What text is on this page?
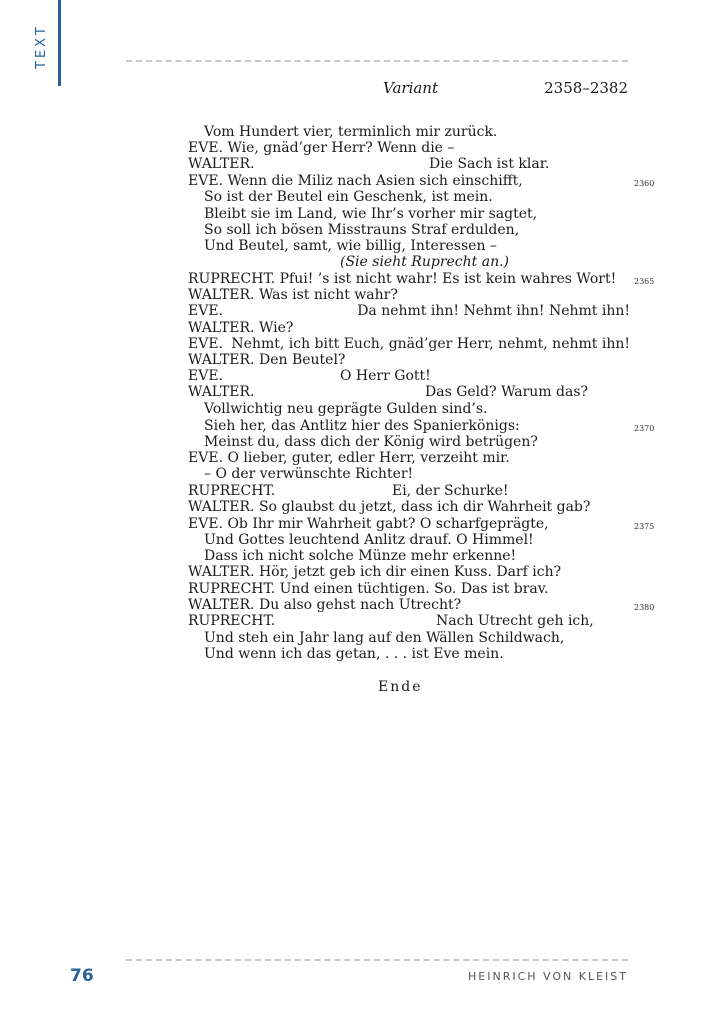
TEXT
Variant	2358–2382
Vom Hundert vier, terminlich mir zurück.
EVE. Wie, gnäd’ger Herr? Wenn die –
WALTER.	Die Sach ist klar.
EVE. Wenn die Miliz nach Asien sich einschifft,
So ist der Beutel ein Geschenk, ist mein.
Bleibt sie im Land, wie Ihr’s vorher mir sagtet,
So soll ich bösen Misstrauns Straf erdulden,
Und Beutel, samt, wie billig, Interessen –
(Sie sieht Ruprecht an.)
RUPRECHT. Pfui! ’s ist nicht wahr! Es ist kein wahres Wort!
WALTER. Was ist nicht wahr?
EVE.	Da nehmt ihn! Nehmt ihn! Nehmt ihn!
WALTER. Wie?
EVE. Nehmt, ich bitt Euch, gnäd’ger Herr, nehmt, nehmt ihn!
WALTER. Den Beutel?
EVE.	O Herr Gott!
WALTER.	Das Geld? Warum das?
Vollwichtig neu geprägte Gulden sind’s.
Sieh her, das Antlitz hier des Spanierkönigs:
Meinst du, dass dich der König wird betrügen?
EVE. O lieber, guter, edler Herr, verzeiht mir.
– O der verwünschte Richter!
RUPRECHT.	Ei, der Schurke!
WALTER. So glaubst du jetzt, dass ich dir Wahrheit gab?
EVE. Ob Ihr mir Wahrheit gabt? O scharfgeprägte,
Und Gottes leuchtend Anlitz drauf. O Himmel!
Dass ich nicht solche Münze mehr erkenne!
WALTER. Hör, jetzt geb ich dir einen Kuss. Darf ich?
RUPRECHT. Und einen tüchtigen. So. Das ist brav.
WALTER. Du also gehst nach Utrecht?
RUPRECHT.	Nach Utrecht geh ich,
Und steh ein Jahr lang auf den Wällen Schildwach,
Und wenn ich das getan, . . . ist Eve mein.
2360
2365
2370
2375
2380
Ende
76	HEINRICH VON KLEIST
